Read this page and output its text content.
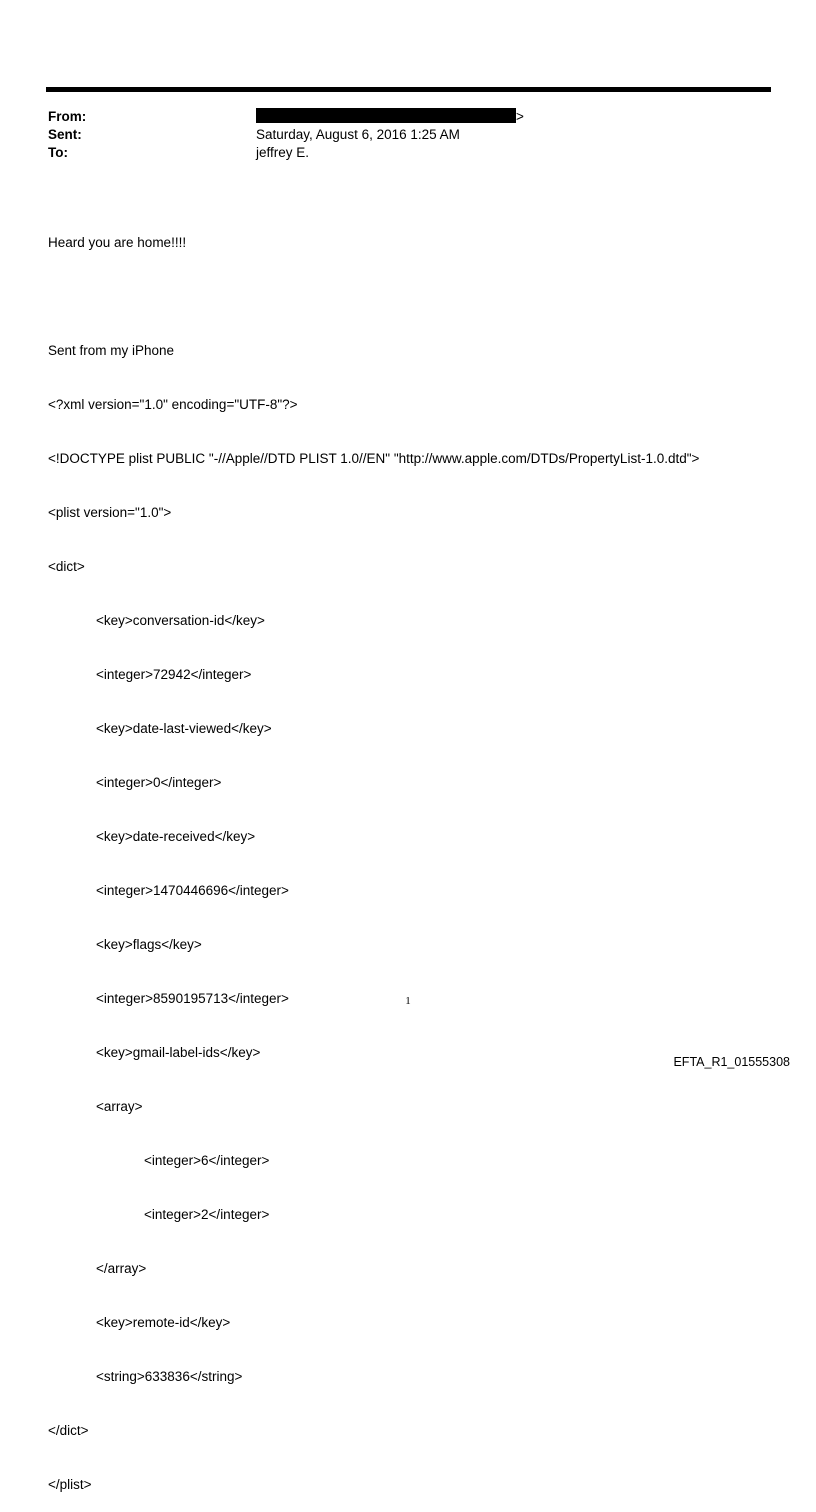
From:	>
Sent:	Saturday, August 6, 2016 1:25 AM
To:	jeffrey E.

Heard you are home!!!!

Sent from my iPhone

<?xml version="1.0" encoding="UTF-8"?>

<!DOCTYPE plist PUBLIC "-//Apple//DTD PLIST 1.0//EN" "http://www.apple.com/DTDs/PropertyList-1.0.dtd">

<plist version="1.0">

<dict>

<key>conversation-id</key>

<integer>72942</integer>

<key>date-last-viewed</key>

<integer>0</integer>

<key>date-received</key>

<integer>1470446696</integer>

<key>flags</key>

<integer>8590195713</integer>

<key>gmail-label-ids</key>

<array>

<integer>6</integer>

<integer>2</integer>

</array>

<key>remote-id</key>

<string>633836</string>

</dict>

</plist>

1
EFTA_R1_01555308
